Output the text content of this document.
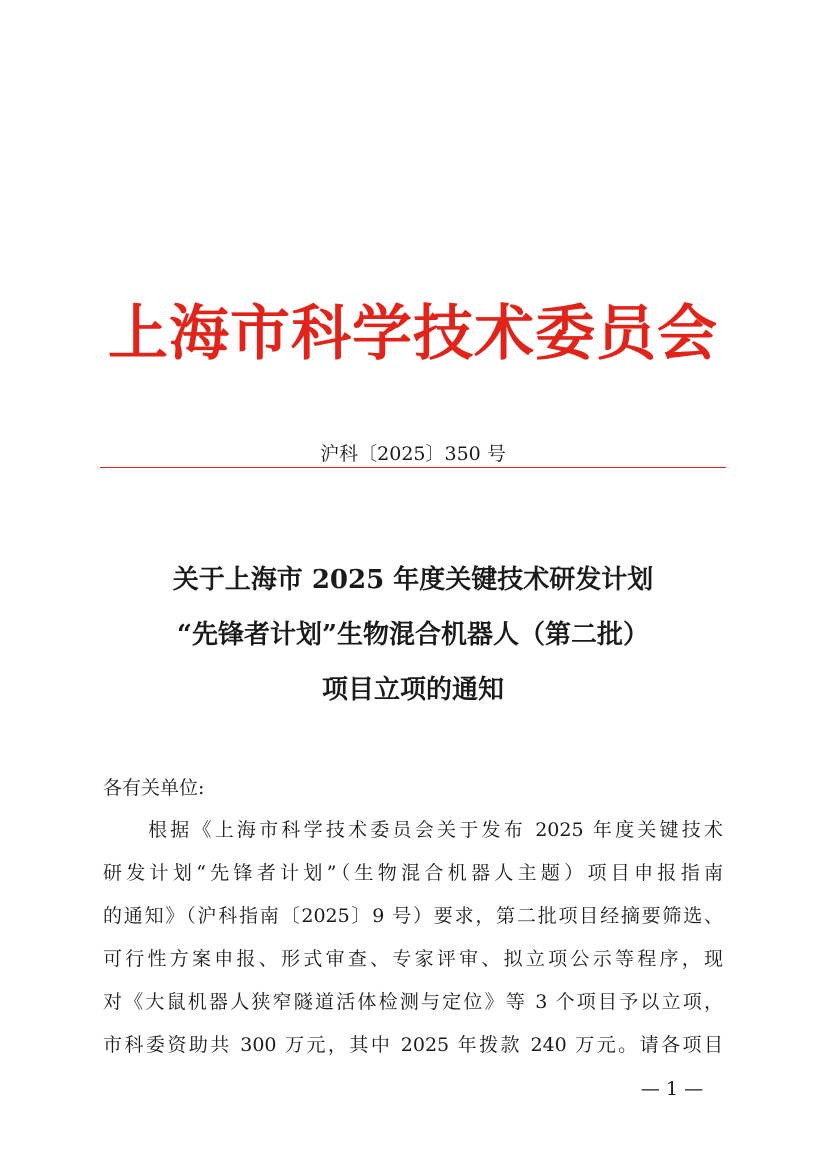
上海市科学技术委员会
沪科〔2025〕350 号
关于上海市 2025 年度关键技术研发计划
“先锋者计划”生物混合机器人（第二批）
项目立项的通知
各有关单位:
根据《上海市科学技术委员会关于发布 2025 年度关键技术
研发计划“先锋者计划”（生物混合机器人主题）项目申报指南
的通知》（沪科指南〔2025〕9 号）要求，第二批项目经摘要筛选、
可行性方案申报、形式审查、专家评审、拟立项公示等程序，现
对《大鼠机器人狭窄隧道活体检测与定位》等 3 个项目予以立项，
市科委资助共 300 万元，其中 2025 年拨款 240 万元。请各项目
— 1 —
